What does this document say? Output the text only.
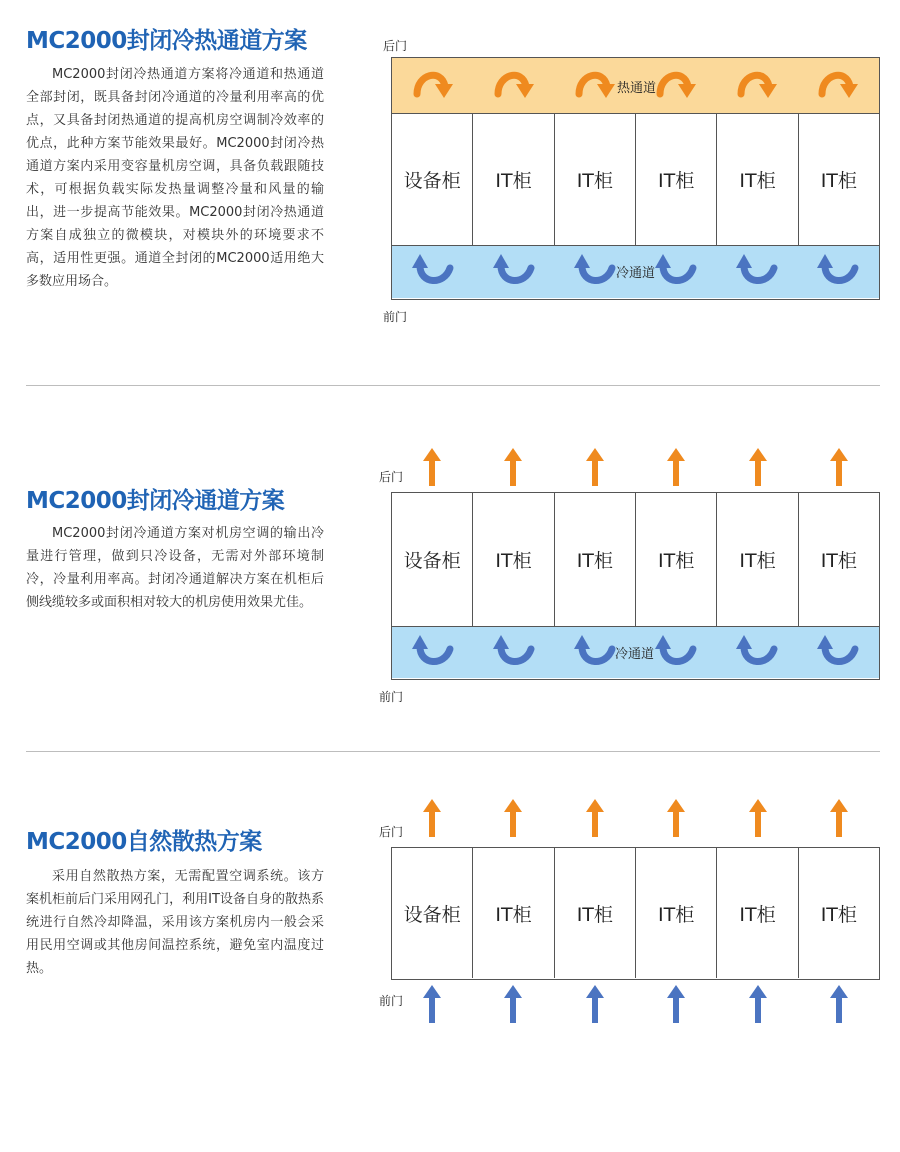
MC2000封闭冷热通道方案
MC2000封闭冷热通道方案将冷通道和热通道全部封闭，既具备封闭冷通道的冷量利用率高的优点，又具备封闭热通道的提高机房空调制冷效率的优点，此种方案节能效果最好。MC2000封闭冷热通道方案内采用变容量机房空调，具备负载跟随技术，可根据负载实际发热量调整冷量和风量的输出，进一步提高节能效果。MC2000封闭冷热通道方案自成独立的微模块，对模块外的环境要求不高，适用性更强。通道全封闭的MC2000适用绝大多数应用场合。
后门
热通道
设备柜	IT柜	IT柜	IT柜	IT柜	IT柜
冷通道
前门
MC2000封闭冷通道方案
MC2000封闭冷通道方案对机房空调的输出冷量进行管理，做到只冷设备，无需对外部环境制冷，冷量利用率高。封闭冷通道解决方案在机柜后侧线缆较多或面积相对较大的机房使用效果尤佳。
后门
设备柜	IT柜	IT柜	IT柜	IT柜	IT柜
冷通道
前门
MC2000自然散热方案
采用自然散热方案，无需配置空调系统。该方案机柜前后门采用网孔门，利用IT设备自身的散热系统进行自然冷却降温，采用该方案机房内一般会采用民用空调或其他房间温控系统，避免室内温度过热。
后门
设备柜	IT柜	IT柜	IT柜	IT柜	IT柜
前门
